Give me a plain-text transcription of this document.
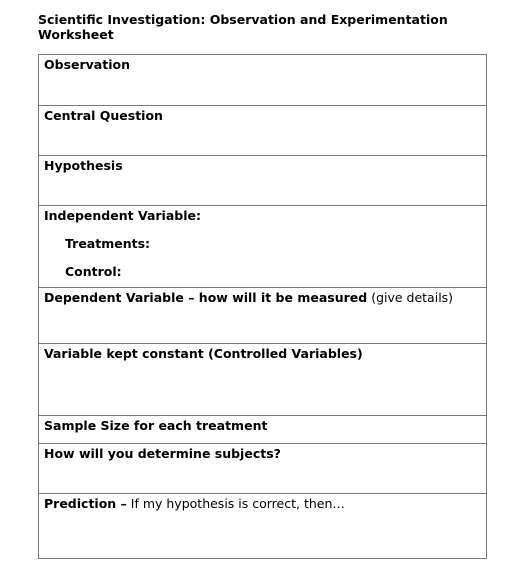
Scientific Investigation: Observation and Experimentation Worksheet
Observation
Central Question
Hypothesis
Independent Variable:
Treatments:
Control:
Dependent Variable – how will it be measured (give details)
Variable kept constant (Controlled Variables)
Sample Size for each treatment
How will you determine subjects?
Prediction – If my hypothesis is correct, then…
